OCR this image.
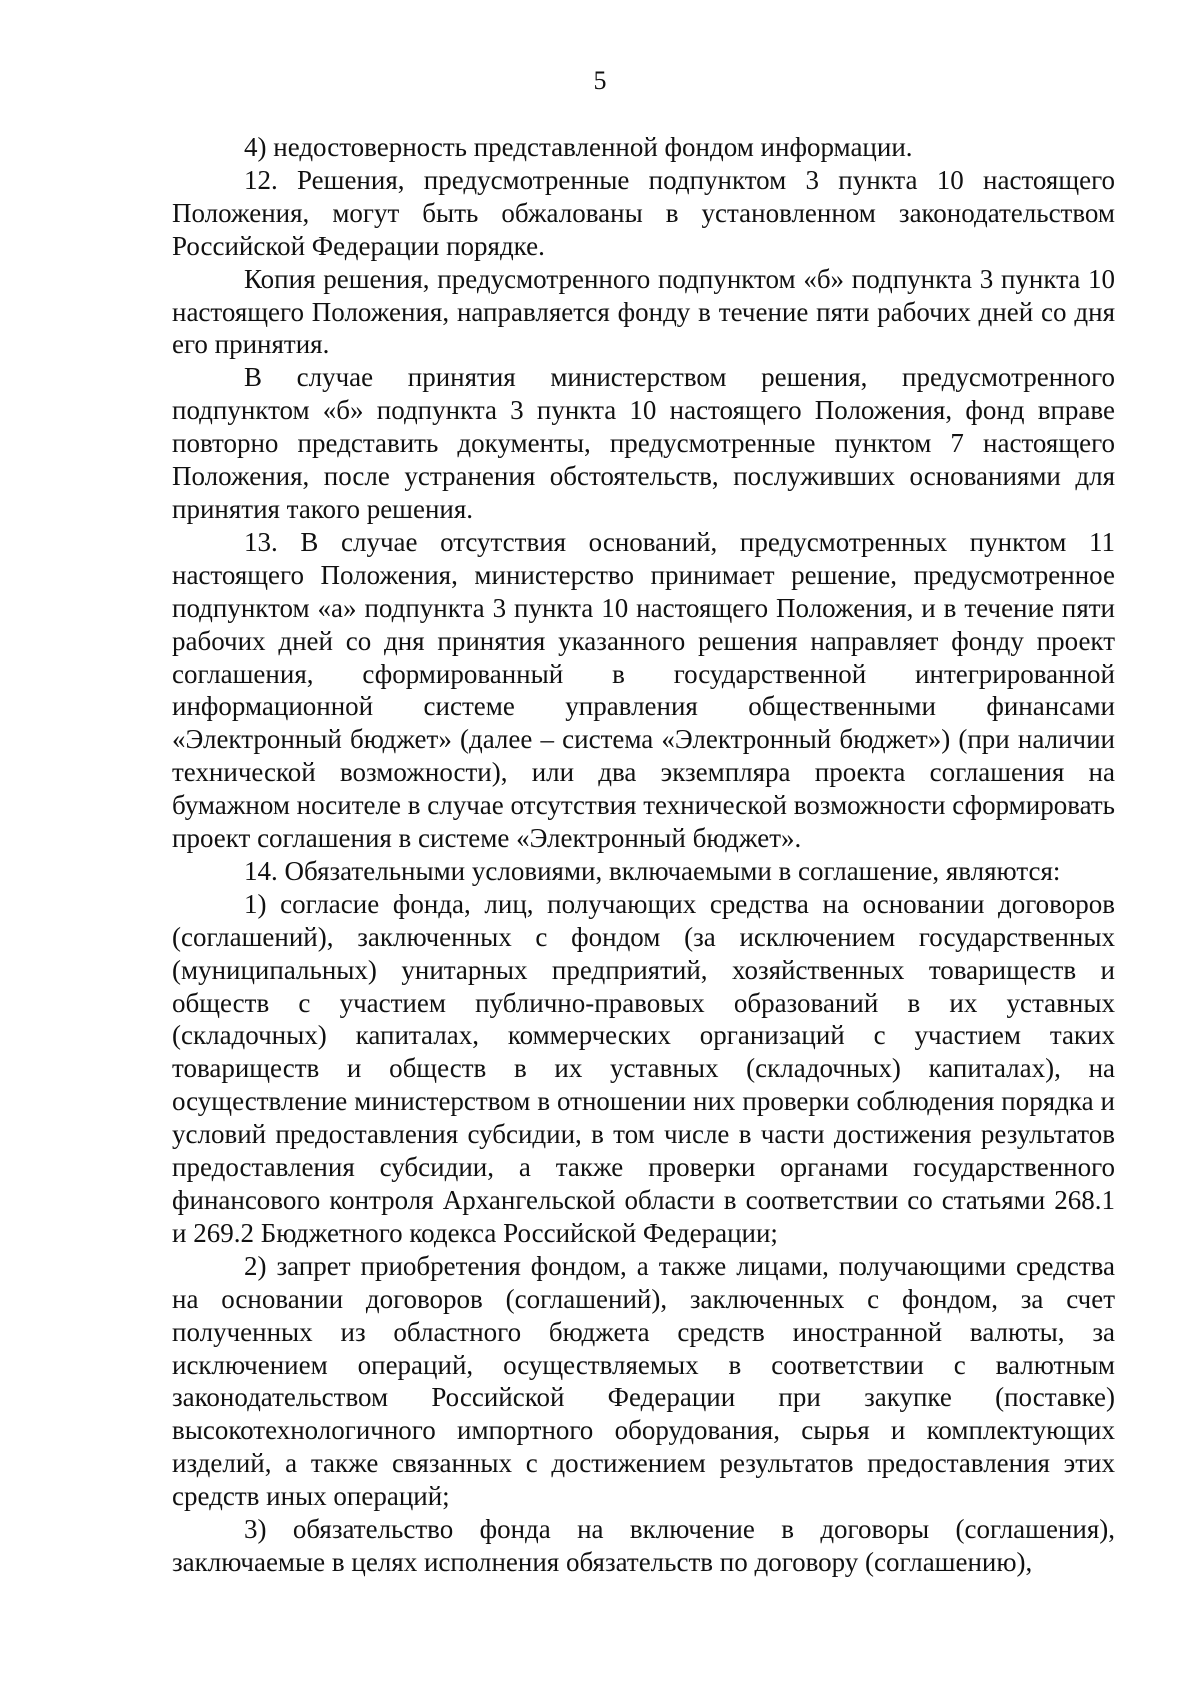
5

4) недостоверность представленной фондом информации.

12. Решения, предусмотренные подпунктом 3 пункта 10 настоящего Положения, могут быть обжалованы в установленном законодательством Российской Федерации порядке.

Копия решения, предусмотренного подпунктом «б» подпункта 3 пункта 10 настоящего Положения, направляется фонду в течение пяти рабочих дней со дня его принятия.

В случае принятия министерством решения, предусмотренного подпунктом «б» подпункта 3 пункта 10 настоящего Положения, фонд вправе повторно представить документы, предусмотренные пунктом 7 настоящего Положения, после устранения обстоятельств, послуживших основаниями для принятия такого решения.

13. В случае отсутствия оснований, предусмотренных пунктом 11 настоящего Положения, министерство принимает решение, предусмотренное подпунктом «а» подпункта 3 пункта 10 настоящего Положения, и в течение пяти рабочих дней со дня принятия указанного решения направляет фонду проект соглашения, сформированный в государственной интегрированной информационной системе управления общественными финансами «Электронный бюджет» (далее – система «Электронный бюджет») (при наличии технической возможности), или два экземпляра проекта соглашения на бумажном носителе в случае отсутствия технической возможности сформировать проект соглашения в системе «Электронный бюджет».

14. Обязательными условиями, включаемыми в соглашение, являются:

1) согласие фонда, лиц, получающих средства на основании договоров (соглашений), заключенных с фондом (за исключением государственных (муниципальных) унитарных предприятий, хозяйственных товариществ и обществ с участием публично-правовых образований в их уставных (складочных) капиталах, коммерческих организаций с участием таких товариществ и обществ в их уставных (складочных) капиталах), на осуществление министерством в отношении них проверки соблюдения порядка и условий предоставления субсидии, в том числе в части достижения результатов предоставления субсидии, а также проверки органами государственного финансового контроля Архангельской области в соответствии со статьями 268.1 и 269.2 Бюджетного кодекса Российской Федерации;

2) запрет приобретения фондом, а также лицами, получающими средства на основании договоров (соглашений), заключенных с фондом, за счет полученных из областного бюджета средств иностранной валюты, за исключением операций, осуществляемых в соответствии с валютным законодательством Российской Федерации при закупке (поставке) высокотехнологичного импортного оборудования, сырья и комплектующих изделий, а также связанных с достижением результатов предоставления этих средств иных операций;

3) обязательство фонда на включение в договоры (соглашения), заключаемые в целях исполнения обязательств по договору (соглашению),
